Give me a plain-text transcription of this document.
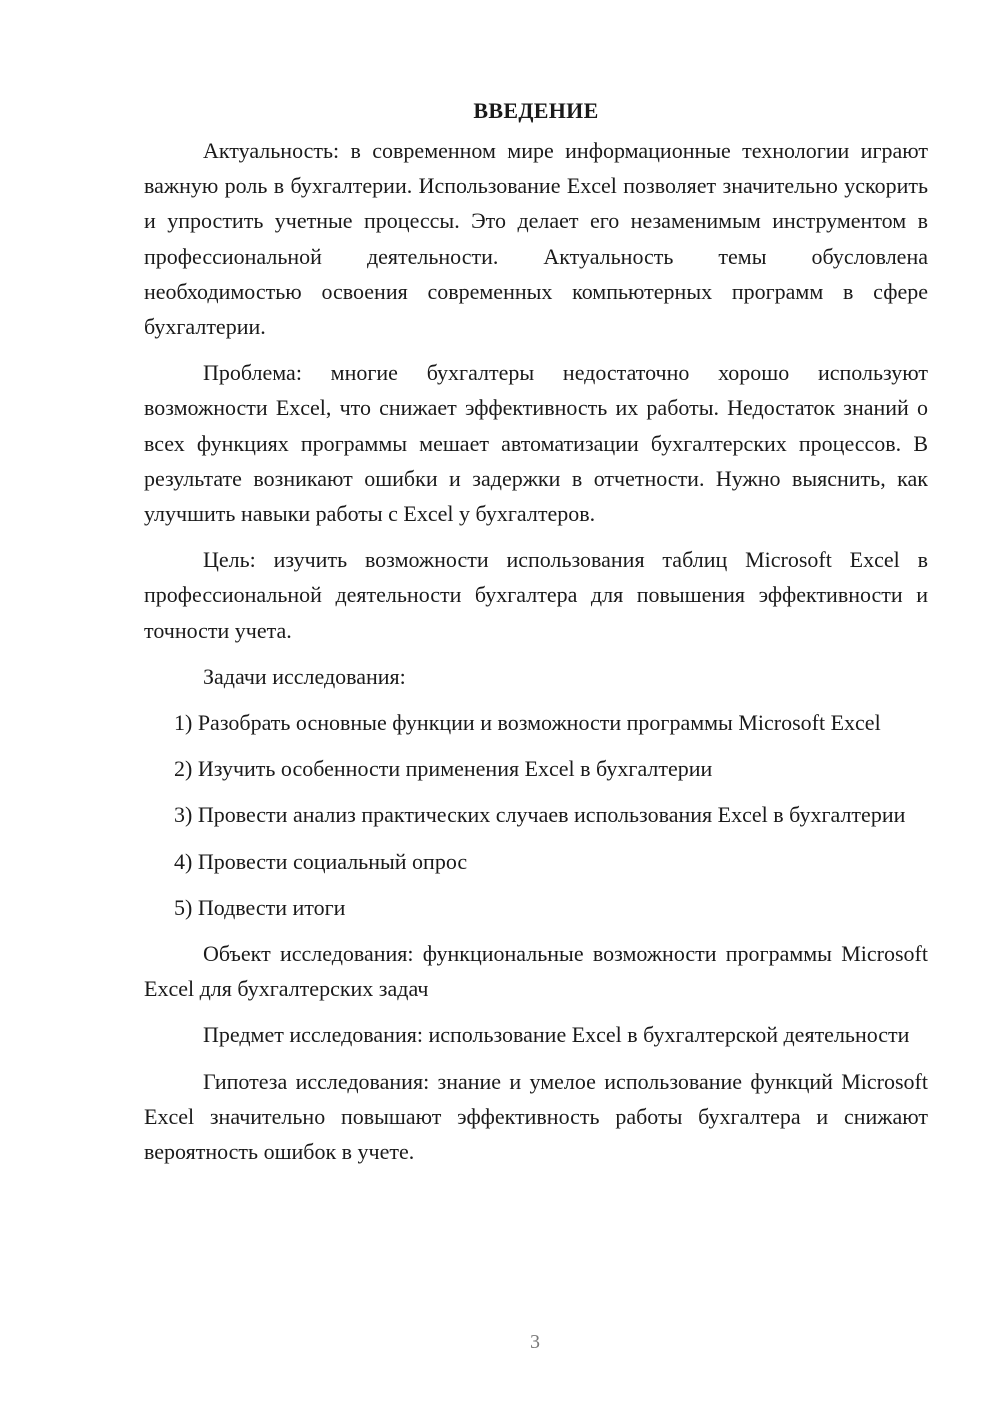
ВВЕДЕНИЕ

Актуальность: в современном мире информационные технологии играют важную роль в бухгалтерии. Использование Excel позволяет значительно ускорить и упростить учетные процессы. Это делает его незаменимым инструментом в профессиональной деятельности. Актуальность темы обусловлена необходимостью освоения современных компьютерных программ в сфере бухгалтерии.

Проблема: многие бухгалтеры недостаточно хорошо используют возможности Excel, что снижает эффективность их работы. Недостаток знаний о всех функциях программы мешает автоматизации бухгалтерских процессов. В результате возникают ошибки и задержки в отчетности. Нужно выяснить, как улучшить навыки работы с Excel у бухгалтеров.

Цель: изучить возможности использования таблиц Microsoft Excel в профессиональной деятельности бухгалтера для повышения эффективности и точности учета.

Задачи исследования:

1) Разобрать основные функции и возможности программы Microsoft Excel

2) Изучить особенности применения Excel в бухгалтерии

3) Провести анализ практических случаев использования Excel в бухгалтерии

4) Провести социальный опрос

5) Подвести итоги

Объект исследования: функциональные возможности программы Microsoft Excel для бухгалтерских задач

Предмет исследования: использование Excel в бухгалтерской деятельности

Гипотеза исследования: знание и умелое использование функций Microsoft Excel значительно повышают эффективность работы бухгалтера и снижают вероятность ошибок в учете.

3
